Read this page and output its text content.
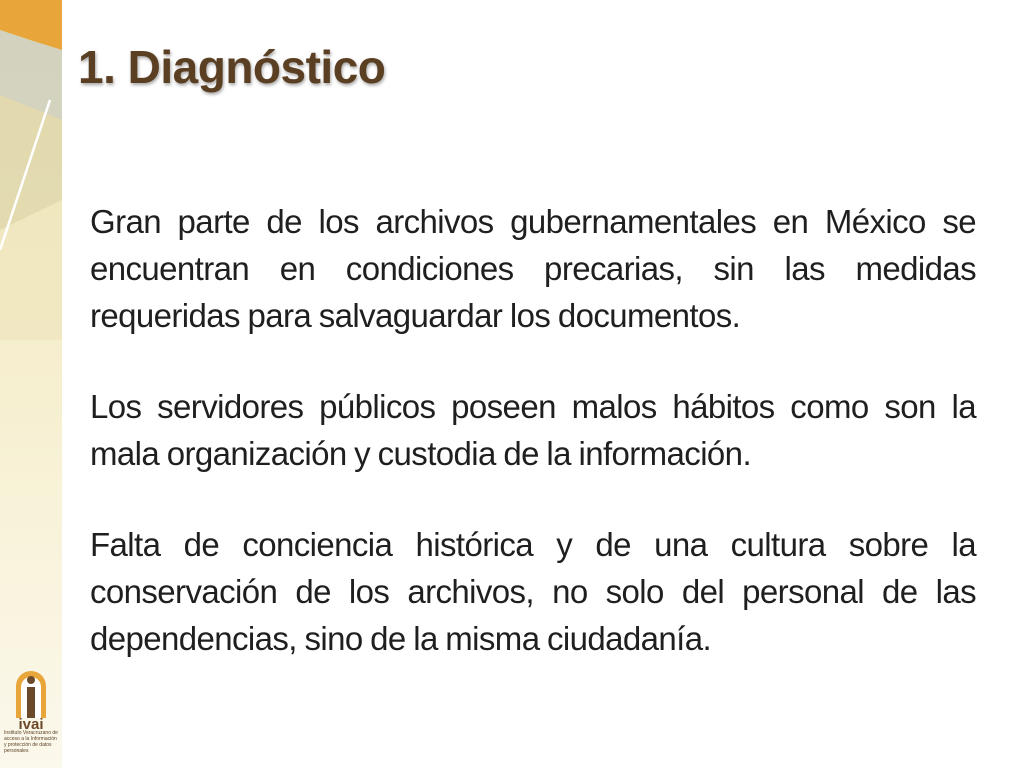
1. Diagnóstico

Gran parte de los archivos gubernamentales en México se encuentran en condiciones precarias, sin las medidas requeridas para salvaguardar los documentos.

Los servidores públicos poseen malos hábitos como son la mala organización y custodia de la información.

Falta de conciencia histórica y de una cultura sobre la conservación de los archivos, no solo del personal de las dependencias, sino de la misma ciudadanía.

ivai
Instituto Veracruzano de acceso a la Información y protección de datos personales
